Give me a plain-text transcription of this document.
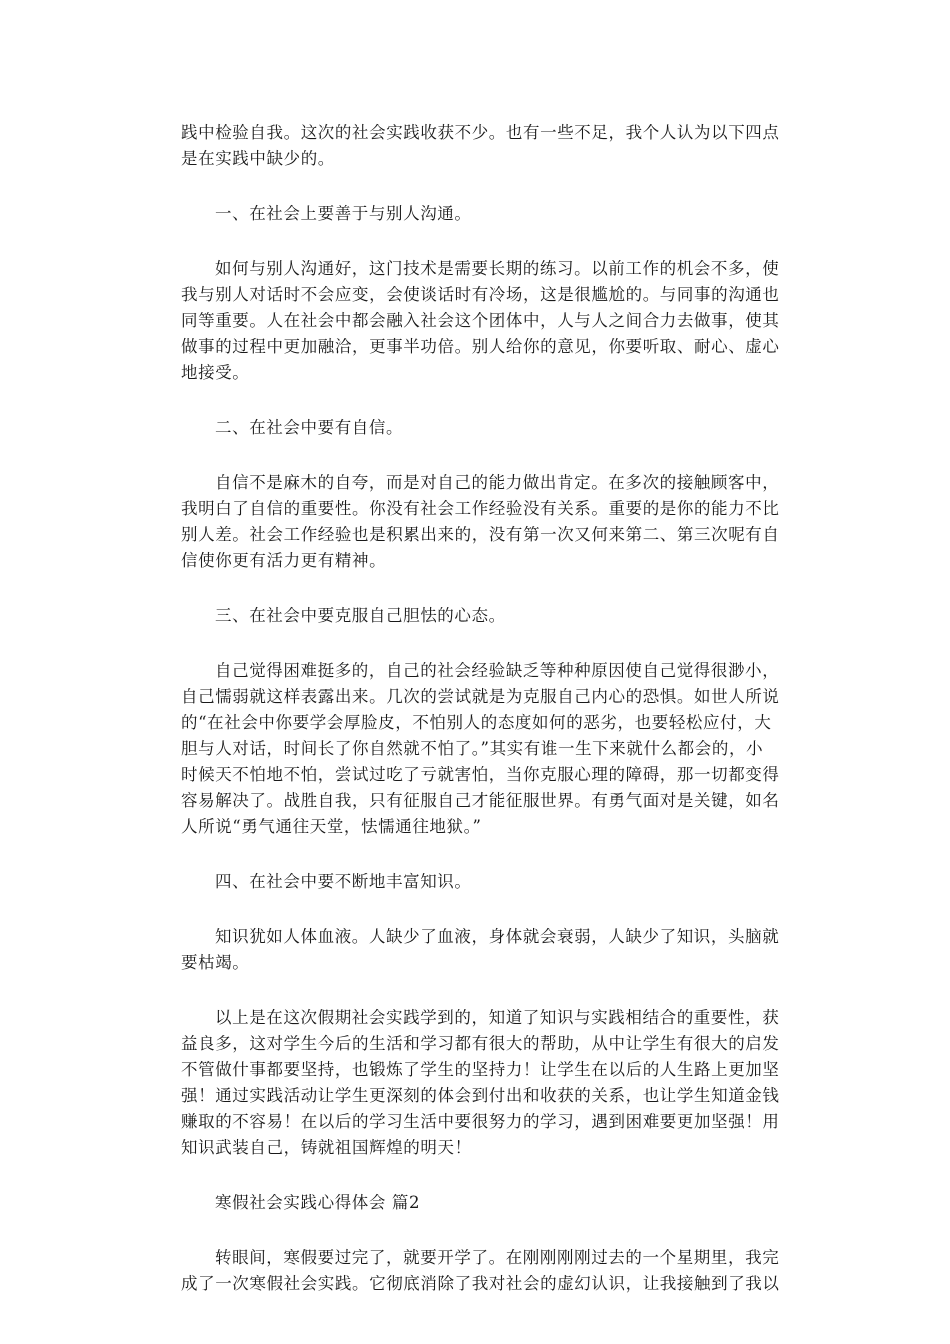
践中检验自我。这次的社会实践收获不少。也有一些不足，我个人认为以下四点
是在实践中缺少的。

一、在社会上要善于与别人沟通。

如何与别人沟通好，这门技术是需要长期的练习。以前工作的机会不多，使
我与别人对话时不会应变，会使谈话时有冷场，这是很尴尬的。与同事的沟通也
同等重要。人在社会中都会融入社会这个团体中，人与人之间合力去做事，使其
做事的过程中更加融洽，更事半功倍。别人给你的意见，你要听取、耐心、虚心
地接受。

二、在社会中要有自信。

自信不是麻木的自夸，而是对自己的能力做出肯定。在多次的接触顾客中，
我明白了自信的重要性。你没有社会工作经验没有关系。重要的是你的能力不比
别人差。社会工作经验也是积累出来的，没有第一次又何来第二、第三次呢有自
信使你更有活力更有精神。

三、在社会中要克服自己胆怯的心态。

自己觉得困难挺多的，自己的社会经验缺乏等种种原因使自己觉得很渺小，
自己懦弱就这样表露出来。几次的尝试就是为克服自己内心的恐惧。如世人所说
的“在社会中你要学会厚脸皮，不怕别人的态度如何的恶劣，也要轻松应付，大
胆与人对话，时间长了你自然就不怕了。”其实有谁一生下来就什么都会的，小
时候天不怕地不怕，尝试过吃了亏就害怕，当你克服心理的障碍，那一切都变得
容易解决了。战胜自我，只有征服自己才能征服世界。有勇气面对是关键，如名
人所说“勇气通往天堂，怯懦通往地狱。”

四、在社会中要不断地丰富知识。

知识犹如人体血液。人缺少了血液，身体就会衰弱，人缺少了知识，头脑就
要枯竭。

以上是在这次假期社会实践学到的，知道了知识与实践相结合的重要性，获
益良多，这对学生今后的生活和学习都有很大的帮助，从中让学生有很大的启发
不管做什事都要坚持，也锻炼了学生的坚持力！让学生在以后的人生路上更加坚
强！通过实践活动让学生更深刻的体会到付出和收获的关系，也让学生知道金钱
赚取的不容易！在以后的学习生活中要很努力的学习，遇到困难要更加坚强！用
知识武装自己，铸就祖国辉煌的明天！

寒假社会实践心得体会 篇2

转眼间，寒假要过完了，就要开学了。在刚刚刚刚过去的一个星期里，我完
成了一次寒假社会实践。它彻底消除了我对社会的虚幻认识，让我接触到了我以
